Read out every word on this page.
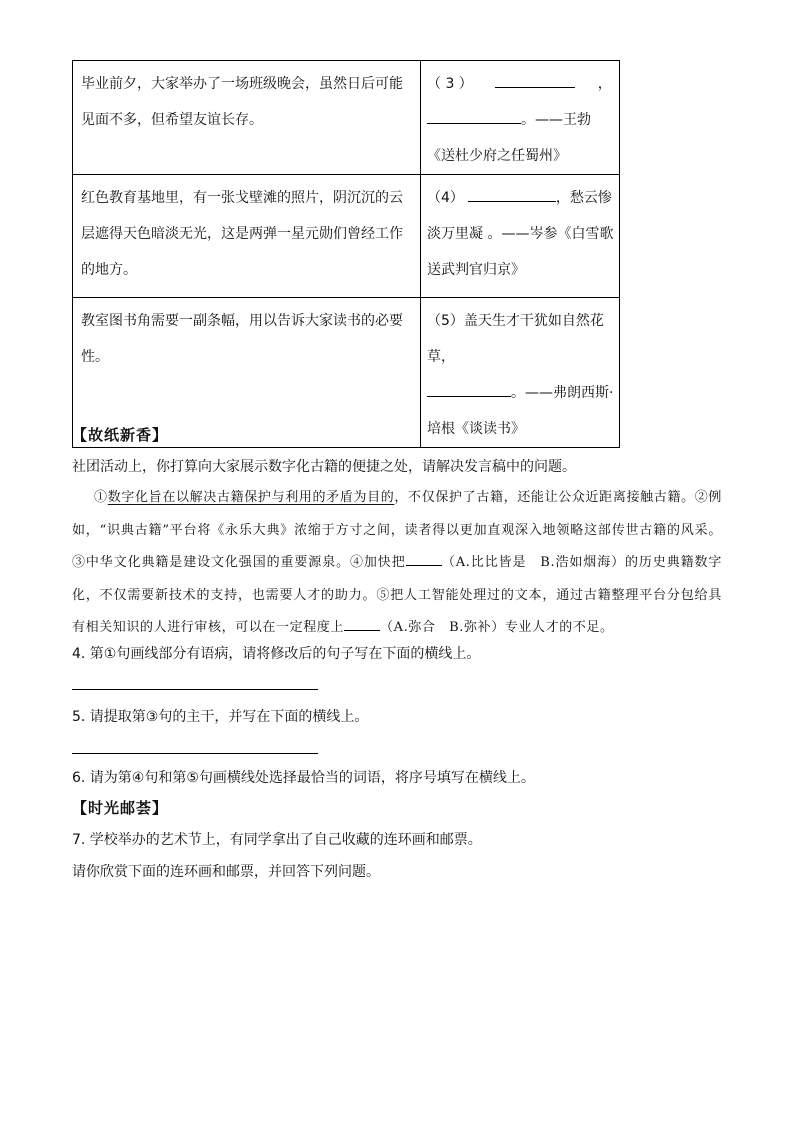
毕业前夕，大家举办了一场班级晚会，虽然日后可能见面不多，但希望友谊长存。	（ 3 ） ，
。——王勃《送杜少府之任蜀州》
红色教育基地里，有一张戈壁滩的照片，阴沉沉的云层遮得天色暗淡无光，这是两弹一星元勋们曾经工作的地方。	（4） ，愁云惨淡万里凝 。——岑参《白雪歌送武判官归京》
教室图书角需要一副条幅，用以告诉大家读书的必要性。	（5）盖天生才干犹如自然花草，
。——弗朗西斯·培根《谈读书》
【故纸新香】
社团活动上，你打算向大家展示数字化古籍的便捷之处，请解决发言稿中的问题。
①数字化旨在以解决古籍保护与利用的矛盾为目的，不仅保护了古籍，还能让公众近距离接触古籍。②例如，“识典古籍”平台将《永乐大典》浓缩于方寸之间，读者得以更加直观深入地领略这部传世古籍的风采。③中华文化典籍是建设文化强国的重要源泉。④加快把	（A.比比皆是　B.浩如烟海）的历史典籍数字化，不仅需要新技术的支持，也需要人才的助力。⑤把人工智能处理过的文本，通过古籍整理平台分包给具有相关知识的人进行审核，可以在一定程度上	（A.弥合　B.弥补）专业人才的不足。
4. 第①句画线部分有语病，请将修改后的句子写在下面的横线上。
5. 请提取第③句的主干，并写在下面的横线上。
6. 请为第④句和第⑤句画横线处选择最恰当的词语，将序号填写在横线上。
【时光邮荟】
7. 学校举办的艺术节上，有同学拿出了自己收藏的连环画和邮票。
请你欣赏下面的连环画和邮票，并回答下列问题。
